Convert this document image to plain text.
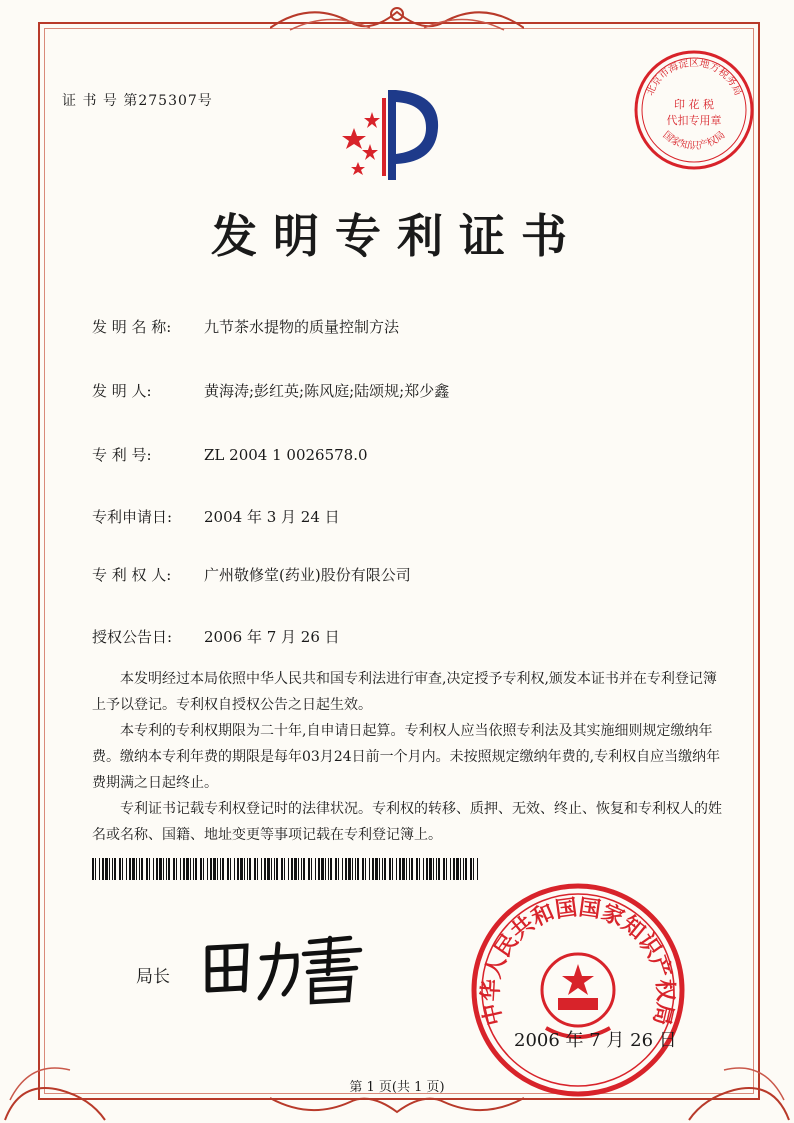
证 书 号 第275307号
北京市海淀区地方税务局
国家知识产权局
印 花 税
代扣专用章
发明专利证书
发 明 名 称: 九节茶水提物的质量控制方法
发 明 人:	黄海涛;彭红英;陈风庭;陆颂规;郑少鑫
专 利 号:	ZL 2004 1 0026578.0
专利申请日: 2004 年 3 月 24 日
专 利 权 人: 广州敬修堂(药业)股份有限公司
授权公告日: 2006 年 7 月 26 日

本发明经过本局依照中华人民共和国专利法进行审查,决定授予专利权,颁发本证书并在专利登记簿上予以登记。专利权自授权公告之日起生效。

本专利的专利权期限为二十年,自申请日起算。专利权人应当依照专利法及其实施细则规定缴纳年费。缴纳本专利年费的期限是每年03月24日前一个月内。未按照规定缴纳年费的,专利权自应当缴纳年费期满之日起终止。

专利证书记载专利权登记时的法律状况。专利权的转移、质押、无效、终止、恢复和专利权人的姓名或名称、国籍、地址变更等事项记载在专利登记簿上。

局长
中华人民共和国国家知识产权局
2006 年 7 月 26 日
第 1 页(共 1 页)
